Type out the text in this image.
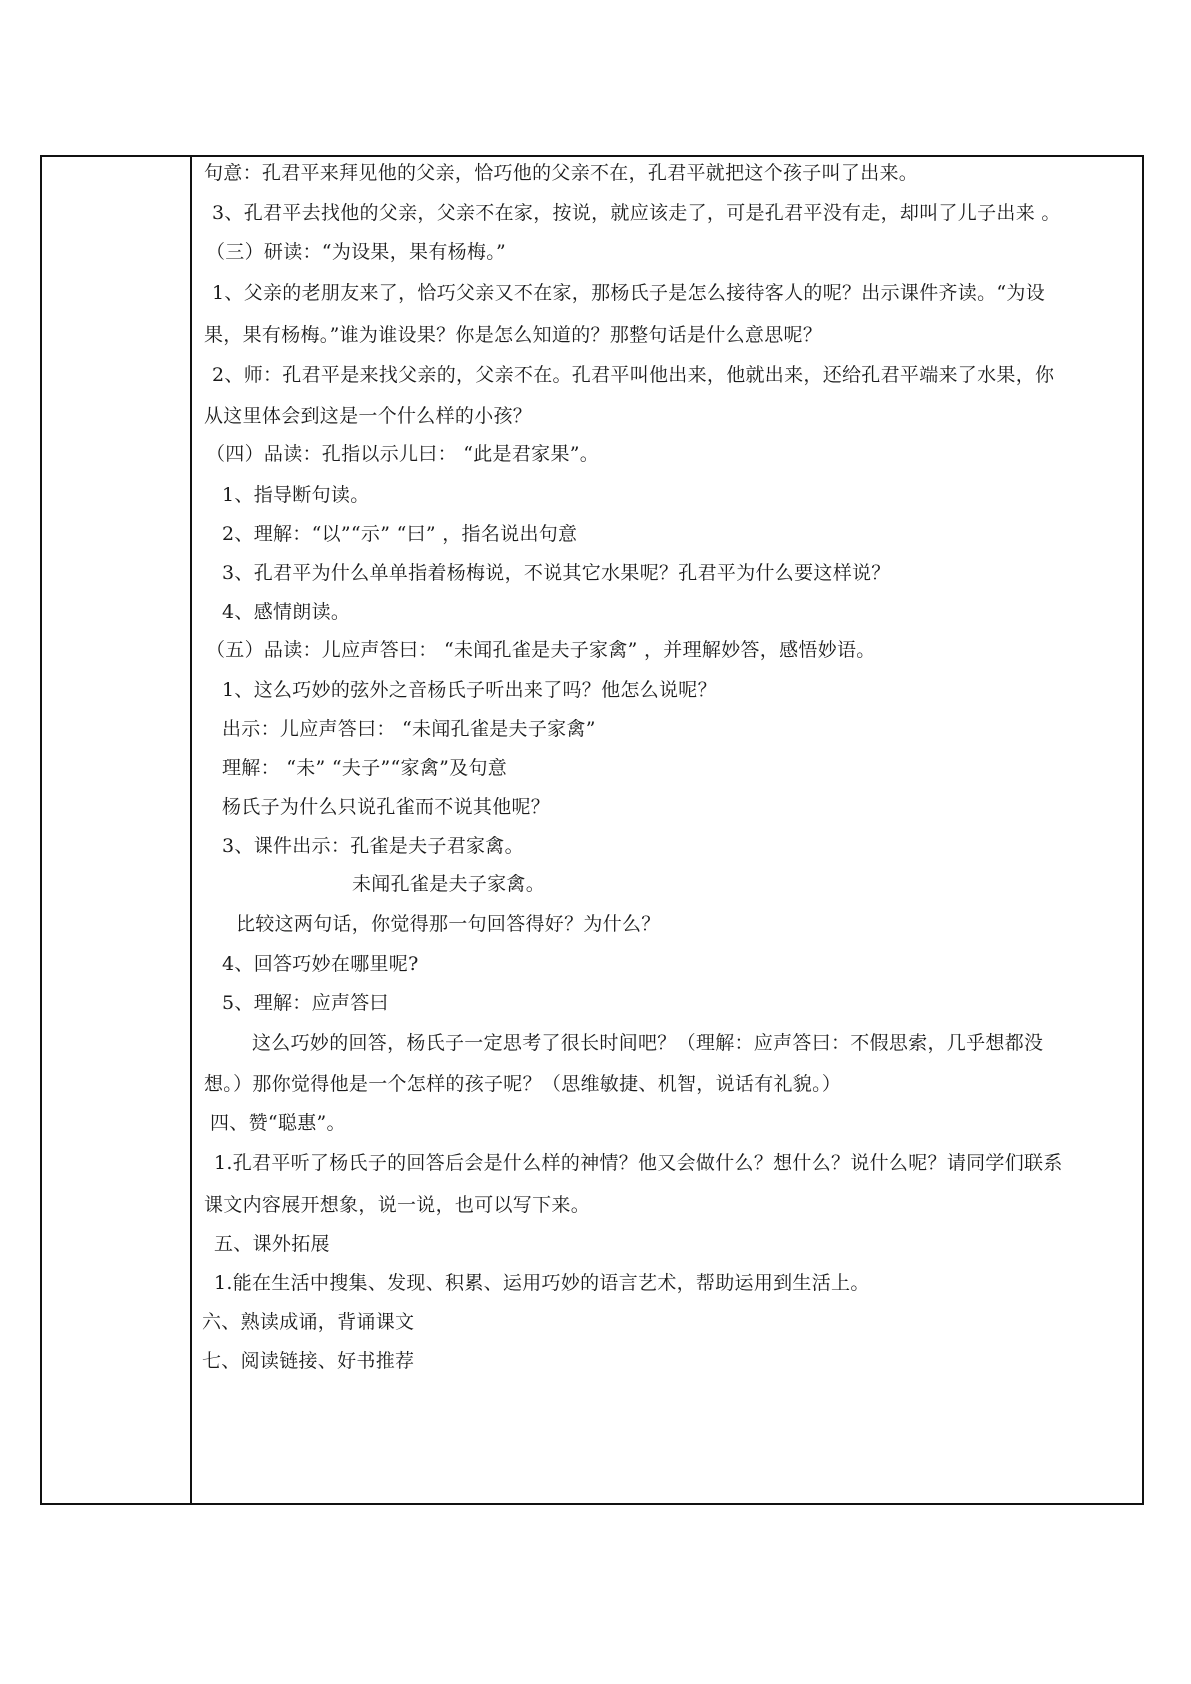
句意：孔君平来拜见他的父亲，恰巧他的父亲不在，孔君平就把这个孩子叫了出来。
3、孔君平去找他的父亲，父亲不在家，按说，就应该走了，可是孔君平没有走，却叫了儿子出来 。
（三）研读：“为设果，果有杨梅。”
1、父亲的老朋友来了，恰巧父亲又不在家，那杨氏子是怎么接待客人的呢？出示课件齐读。“为设
果，果有杨梅。”谁为谁设果？你是怎么知道的？那整句话是什么意思呢？
2、师：孔君平是来找父亲的，父亲不在。孔君平叫他出来，他就出来，还给孔君平端来了水果，你
从这里体会到这是一个什么样的小孩？
（四）品读：孔指以示儿曰： “此是君家果”。
1、指导断句读。
2、理解：“以”“示” “曰” ，指名说出句意
3、孔君平为什么单单指着杨梅说，不说其它水果呢？孔君平为什么要这样说？
4、感情朗读。
（五）品读：儿应声答曰： “未闻孔雀是夫子家禽” ，并理解妙答，感悟妙语。
1、这么巧妙的弦外之音杨氏子听出来了吗？他怎么说呢？
出示：儿应声答曰： “未闻孔雀是夫子家禽”
理解： “未” “夫子”“家禽”及句意
杨氏子为什么只说孔雀而不说其他呢？
3、课件出示：孔雀是夫子君家禽。
未闻孔雀是夫子家禽。
比较这两句话，你觉得那一句回答得好？为什么？
4、回答巧妙在哪里呢?
5、理解：应声答曰
这么巧妙的回答，杨氏子一定思考了很长时间吧？（理解：应声答曰：不假思索，几乎想都没
想。）那你觉得他是一个怎样的孩子呢？（思维敏捷、机智，说话有礼貌。）
四、赞“聪惠”。
1.孔君平听了杨氏子的回答后会是什么样的神情？他又会做什么？想什么？说什么呢？请同学们联系
课文内容展开想象，说一说，也可以写下来。
五、课外拓展
1.能在生活中搜集、发现、积累、运用巧妙的语言艺术，帮助运用到生活上。
六、熟读成诵，背诵课文
七、阅读链接、好书推荐
